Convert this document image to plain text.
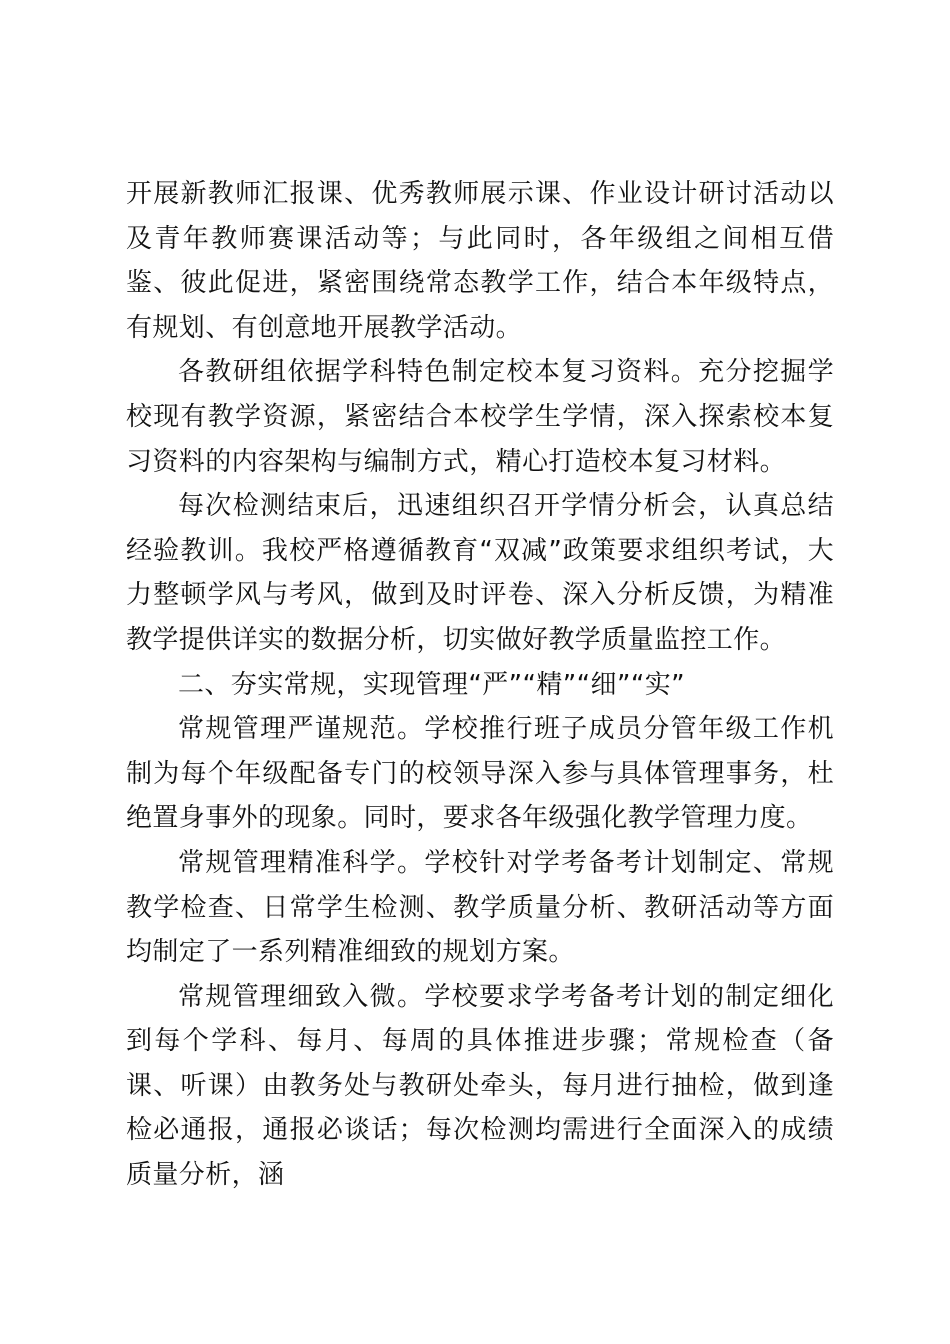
开展新教师汇报课、优秀教师展示课、作业设计研讨活动以及青年教师赛课活动等；与此同时，各年级组之间相互借鉴、彼此促进，紧密围绕常态教学工作，结合本年级特点，有规划、有创意地开展教学活动。

各教研组依据学科特色制定校本复习资料。充分挖掘学校现有教学资源，紧密结合本校学生学情，深入探索校本复习资料的内容架构与编制方式，精心打造校本复习材料。

每次检测结束后，迅速组织召开学情分析会，认真总结经验教训。我校严格遵循教育“双减”政策要求组织考试，大力整顿学风与考风，做到及时评卷、深入分析反馈，为精准教学提供详实的数据分析，切实做好教学质量监控工作。

二、夯实常规，实现管理“严”“精”“细”“实”

常规管理严谨规范。学校推行班子成员分管年级工作机制为每个年级配备专门的校领导深入参与具体管理事务，杜绝置身事外的现象。同时，要求各年级强化教学管理力度。

常规管理精准科学。学校针对学考备考计划制定、常规教学检查、日常学生检测、教学质量分析、教研活动等方面均制定了一系列精准细致的规划方案。

常规管理细致入微。学校要求学考备考计划的制定细化到每个学科、每月、每周的具体推进步骤；常规检查（备课、听课）由教务处与教研处牵头，每月进行抽检，做到逢检必通报，通报必谈话；每次检测均需进行全面深入的成绩质量分析，涵
